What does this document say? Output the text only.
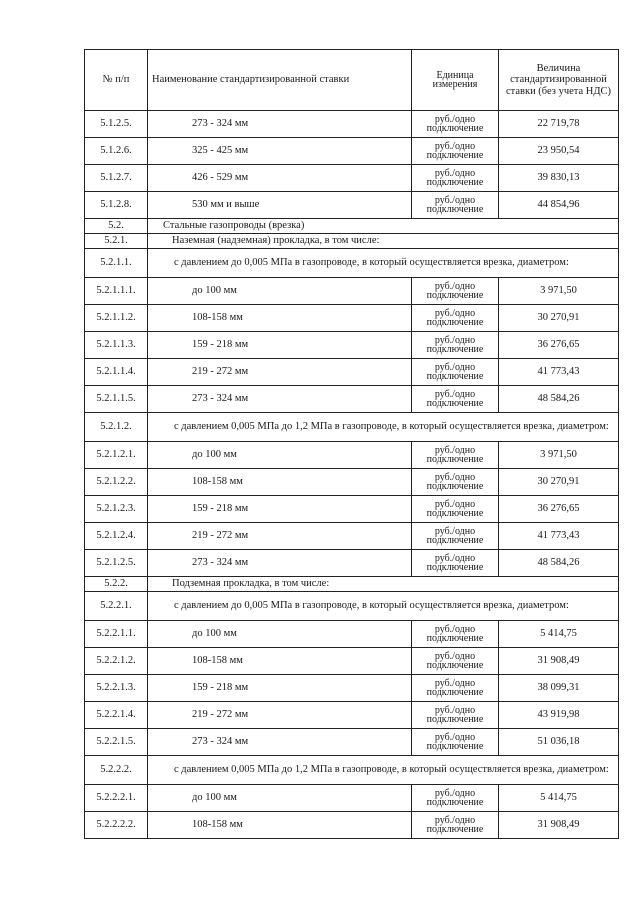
№ п/п	Наименование стандартизированной ставки	Единица измерения	Величина стандартизированной ставки (без учета НДС)
5.1.2.5.	273 - 324 мм	руб./одно подключение	22 719,78
5.1.2.6.	325 - 425 мм	руб./одно подключение	23 950,54
5.1.2.7.	426 - 529 мм	руб./одно подключение	39 830,13
5.1.2.8.	530 мм и выше	руб./одно подключение	44 854,96
5.2.	Стальные газопроводы (врезка)		
5.2.1.	Наземная (надземная) прокладка, в том числе:		
5.2.1.1.	с давлением до 0,005 МПа в газопроводе, в который осуществляется врезка, диаметром:		
5.2.1.1.1.	до 100 мм	руб./одно подключение	3 971,50
5.2.1.1.2.	108-158 мм	руб./одно подключение	30 270,91
5.2.1.1.3.	159 - 218 мм	руб./одно подключение	36 276,65
5.2.1.1.4.	219 - 272 мм	руб./одно подключение	41 773,43
5.2.1.1.5.	273 - 324 мм	руб./одно подключение	48 584,26
5.2.1.2.	с давлением 0,005 МПа до 1,2 МПа в газопроводе, в который осуществляется врезка, диаметром:		
5.2.1.2.1.	до 100 мм	руб./одно подключение	3 971,50
5.2.1.2.2.	108-158 мм	руб./одно подключение	30 270,91
5.2.1.2.3.	159 - 218 мм	руб./одно подключение	36 276,65
5.2.1.2.4.	219 - 272 мм	руб./одно подключение	41 773,43
5.2.1.2.5.	273 - 324 мм	руб./одно подключение	48 584,26
5.2.2.	Подземная прокладка, в том числе:		
5.2.2.1.	с давлением до 0,005 МПа в газопроводе, в который осуществляется врезка, диаметром:		
5.2.2.1.1.	до 100 мм	руб./одно подключение	5 414,75
5.2.2.1.2.	108-158 мм	руб./одно подключение	31 908,49
5.2.2.1.3.	159 - 218 мм	руб./одно подключение	38 099,31
5.2.2.1.4.	219 - 272 мм	руб./одно подключение	43 919,98
5.2.2.1.5.	273 - 324 мм	руб./одно подключение	51 036,18
5.2.2.2.	с давлением 0,005 МПа до 1,2 МПа в газопроводе, в который осуществляется врезка, диаметром:		
5.2.2.2.1.	до 100 мм	руб./одно подключение	5 414,75
5.2.2.2.2.	108-158 мм	руб./одно подключение	31 908,49
